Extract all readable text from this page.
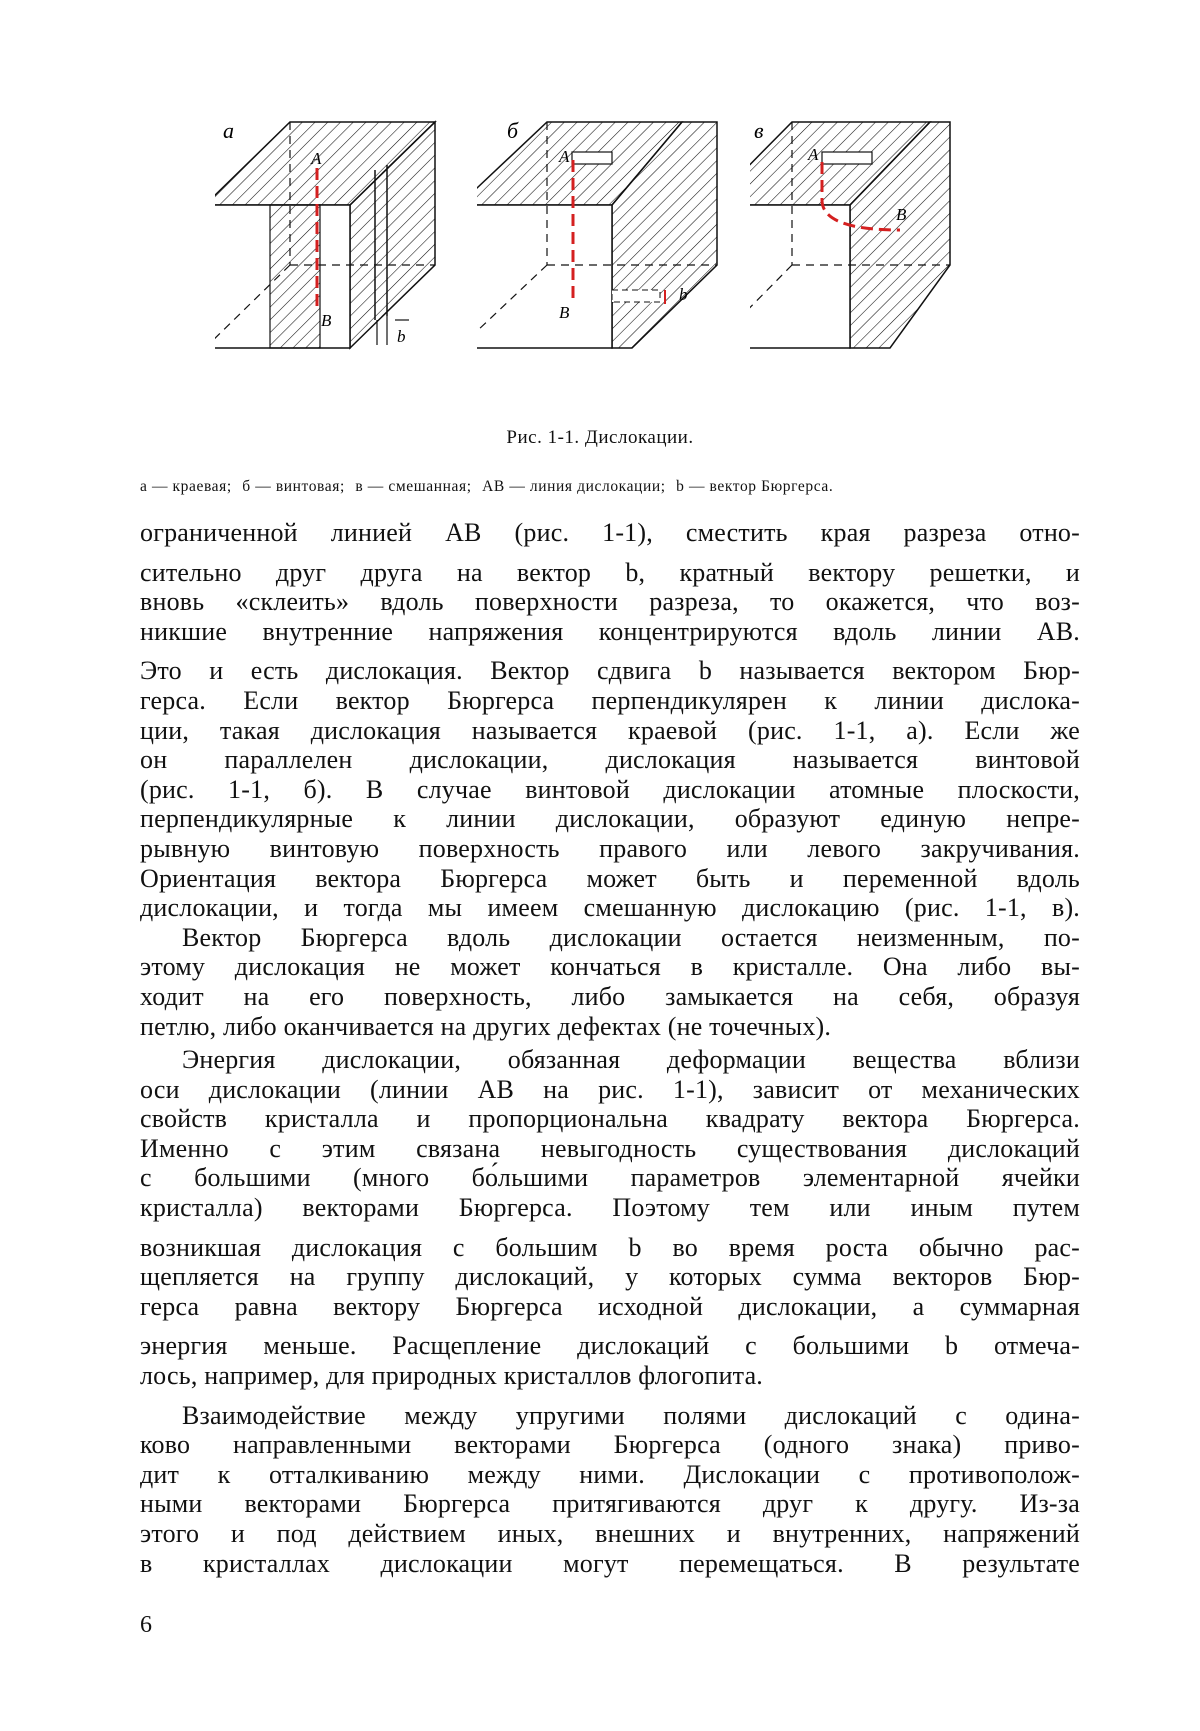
а
A
B
b
б
A
B
b
в
A
B
Рис. 1-1. Дислокации.
а — краевая; б — винтовая; в — смешанная; AB — линия дислокации; b — вектор Бюргерса.
ограниченной линией AB (рис. 1-1), сместить края разреза отно-
сительно друг друга на вектор b, кратный вектору решетки, и
вновь «склеить» вдоль поверхности разреза, то окажется, что воз-
никшие внутренние напряжения концентрируются вдоль линии AB.
Это и есть дислокация. Вектор сдвига b называется вектором Бюр-
герса. Если вектор Бюргерса перпендикулярен к линии дислока-
ции, такая дислокация называется краевой (рис. 1-1, а). Если же
он параллелен дислокации, дислокация называется винтовой
(рис. 1-1, б). В случае винтовой дислокации атомные плоскости,
перпендикулярные к линии дислокации, образуют единую непре-
рывную винтовую поверхность правого или левого закручивания.
Ориентация вектора Бюргерса может быть и переменной вдоль
дислокации, и тогда мы имеем смешанную дислокацию (рис. 1-1, в).
Вектор Бюргерса вдоль дислокации остается неизменным, по-
этому дислокация не может кончаться в кристалле. Она либо вы-
ходит на его поверхность, либо замыкается на себя, образуя
петлю, либо оканчивается на других дефектах (не точечных).
Энергия дислокации, обязанная деформации вещества вблизи
оси дислокации (линии AB на рис. 1-1), зависит от механических
свойств кристалла и пропорциональна квадрату вектора Бюргерса.
Именно с этим связана невыгодность существования дислокаций
с большими (много бо́льшими параметров элементарной ячейки
кристалла) векторами Бюргерса. Поэтому тем или иным путем
возникшая дислокация с большим b во время роста обычно рас-
щепляется на группу дислокаций, у которых сумма векторов Бюр-
герса равна вектору Бюргерса исходной дислокации, а суммарная
энергия меньше. Расщепление дислокаций с большими b отмеча-
лось, например, для природных кристаллов флогопита.
Взаимодействие между упругими полями дислокаций с одина-
ково направленными векторами Бюргерса (одного знака) приво-
дит к отталкиванию между ними. Дислокации с противополож-
ными векторами Бюргерса притягиваются друг к другу. Из-за
этого и под действием иных, внешних и внутренних, напряжений
в кристаллах дислокации могут перемещаться. В результате
6
